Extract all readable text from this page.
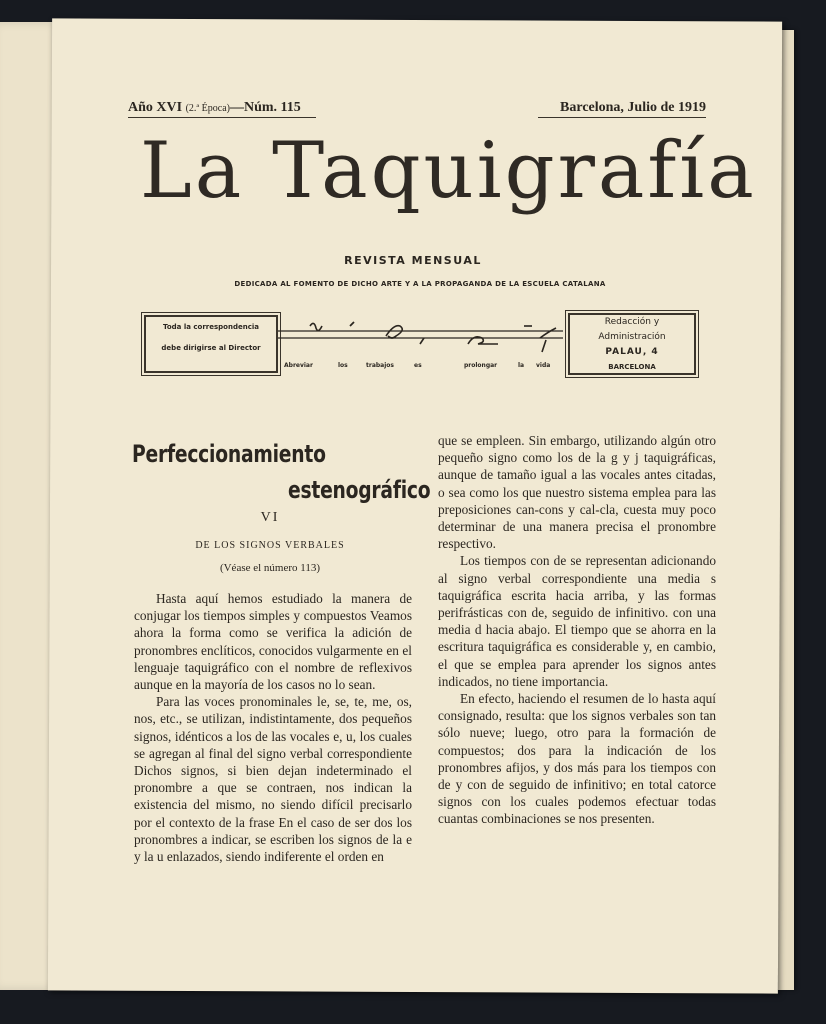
Año XVI (2.ª Época)—Núm. 115	Barcelona, Julio de 1919
La Taquigrafía
REVISTA MENSUAL
DEDICADA AL FOMENTO DE DICHO ARTE Y A LA PROPAGANDA DE LA ESCUELA CATALANA
Toda la correspondencia
debe dirigirse al Director
Redacción y Administración
PALAU, 4
BARCELONA
Abreviar	los	trabajos	es	prolongar	la vida
Perfeccionamiento
estenográfico
VI
DE LOS SIGNOS VERBALES
(Véase el número 113)

Hasta aquí hemos estudiado la manera de conjugar los tiempos simples y compuestos Veamos ahora la forma como se verifica la adición de pronombres enclíticos, conocidos vulgarmente en el lenguaje taquigráfico con el nombre de reflexivos aunque en la mayoría de los casos no lo sean.

Para las voces pronominales le, se, te, me, os, nos, etc., se utilizan, indistintamente, dos pequeños signos, idénticos a los de las vocales e, u, los cuales se agregan al final del signo verbal correspondiente Dichos signos, si bien dejan indeterminado el pronombre a que se contraen, nos indican la existencia del mismo, no siendo difícil precisarlo por el contexto de la frase En el caso de ser dos los pronombres a indicar, se escriben los signos de la e y la u enlazados, siendo indiferente el orden en

que se empleen. Sin embargo, utilizando algún otro pequeño signo como los de la g y j taquigráficas, aunque de tamaño igual a las vocales antes citadas, o sea como los que nuestro sistema emplea para las preposiciones can-cons y cal-cla, cuesta muy poco determinar de una manera precisa el pronombre respectivo.

Los tiempos con de se representan adicionando al signo verbal correspondiente una media s taquigráfica escrita hacia arriba, y las formas perifrásticas con de, seguido de infinitivo. con una media d hacia abajo. El tiempo que se ahorra en la escritura taquigráfica es considerable y, en cambio, el que se emplea para aprender los signos antes indicados, no tiene importancia.

En efecto, haciendo el resumen de lo hasta aquí consignado, resulta: que los signos verbales son tan sólo nueve; luego, otro para la formación de compuestos; dos para la indicación de los pronombres afijos, y dos más para los tiempos con de y con de seguido de infinitivo; en total catorce signos con los cuales podemos efectuar todas cuantas combinaciones se nos presenten.
